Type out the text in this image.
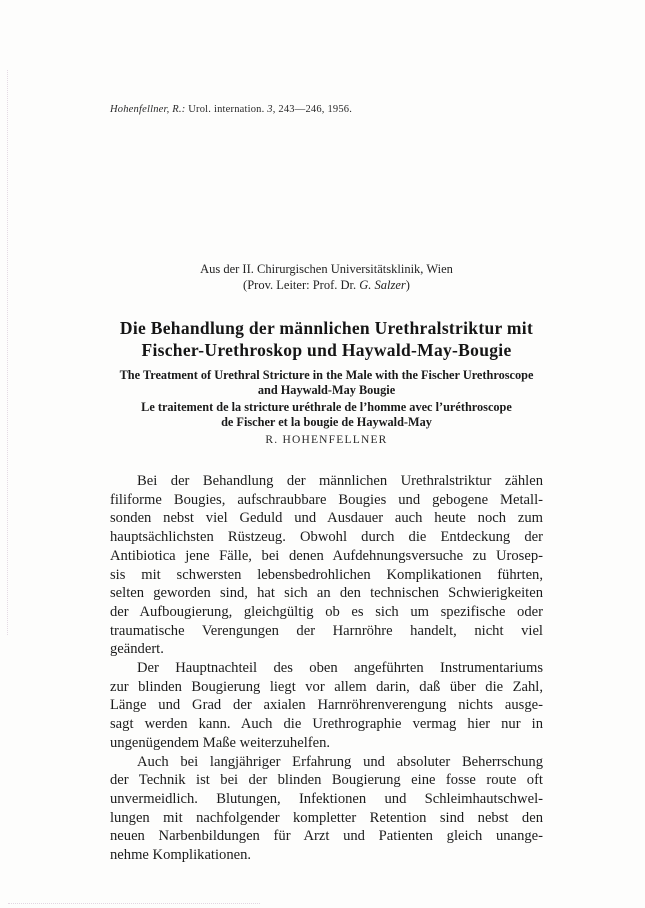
Hohenfellner, R.: Urol. internation. 3, 243—246, 1956.
Aus der II. Chirurgischen Universitätsklinik, Wien
(Prov. Leiter: Prof. Dr. G. Salzer)
Die Behandlung der männlichen Urethralstriktur mit
Fischer-Urethroskop und Haywald-May-Bougie
The Treatment of Urethral Stricture in the Male with the Fischer Urethroscope
and Haywald-May Bougie
Le traitement de la stricture uréthrale de l’homme avec l’uréthroscope
de Fischer et la bougie de Haywald-May
R. HOHENFELLNER

Bei der Behandlung der männlichen Urethralstriktur zählen
filiforme Bougies, aufschraubbare Bougies und gebogene Metall-
sonden nebst viel Geduld und Ausdauer auch heute noch zum
hauptsächlichsten Rüstzeug. Obwohl durch die Entdeckung der
Antibiotica jene Fälle, bei denen Aufdehnungsversuche zu Urosep-
sis mit schwersten lebensbedrohlichen Komplikationen führten,
selten geworden sind, hat sich an den technischen Schwierigkeiten
der Aufbougierung, gleichgültig ob es sich um spezifische oder
traumatische Verengungen der Harnröhre handelt, nicht viel
geändert.

Der Hauptnachteil des oben angeführten Instrumentariums
zur blinden Bougierung liegt vor allem darin, daß über die Zahl,
Länge und Grad der axialen Harnröhrenverengung nichts ausge-
sagt werden kann. Auch die Urethrographie vermag hier nur in
ungenügendem Maße weiterzuhelfen.

Auch bei langjähriger Erfahrung und absoluter Beherrschung
der Technik ist bei der blinden Bougierung eine fosse route oft
unvermeidlich. Blutungen, Infektionen und Schleimhautschwel-
lungen mit nachfolgender kompletter Retention sind nebst den
neuen Narbenbildungen für Arzt und Patienten gleich unange-
nehme Komplikationen.
